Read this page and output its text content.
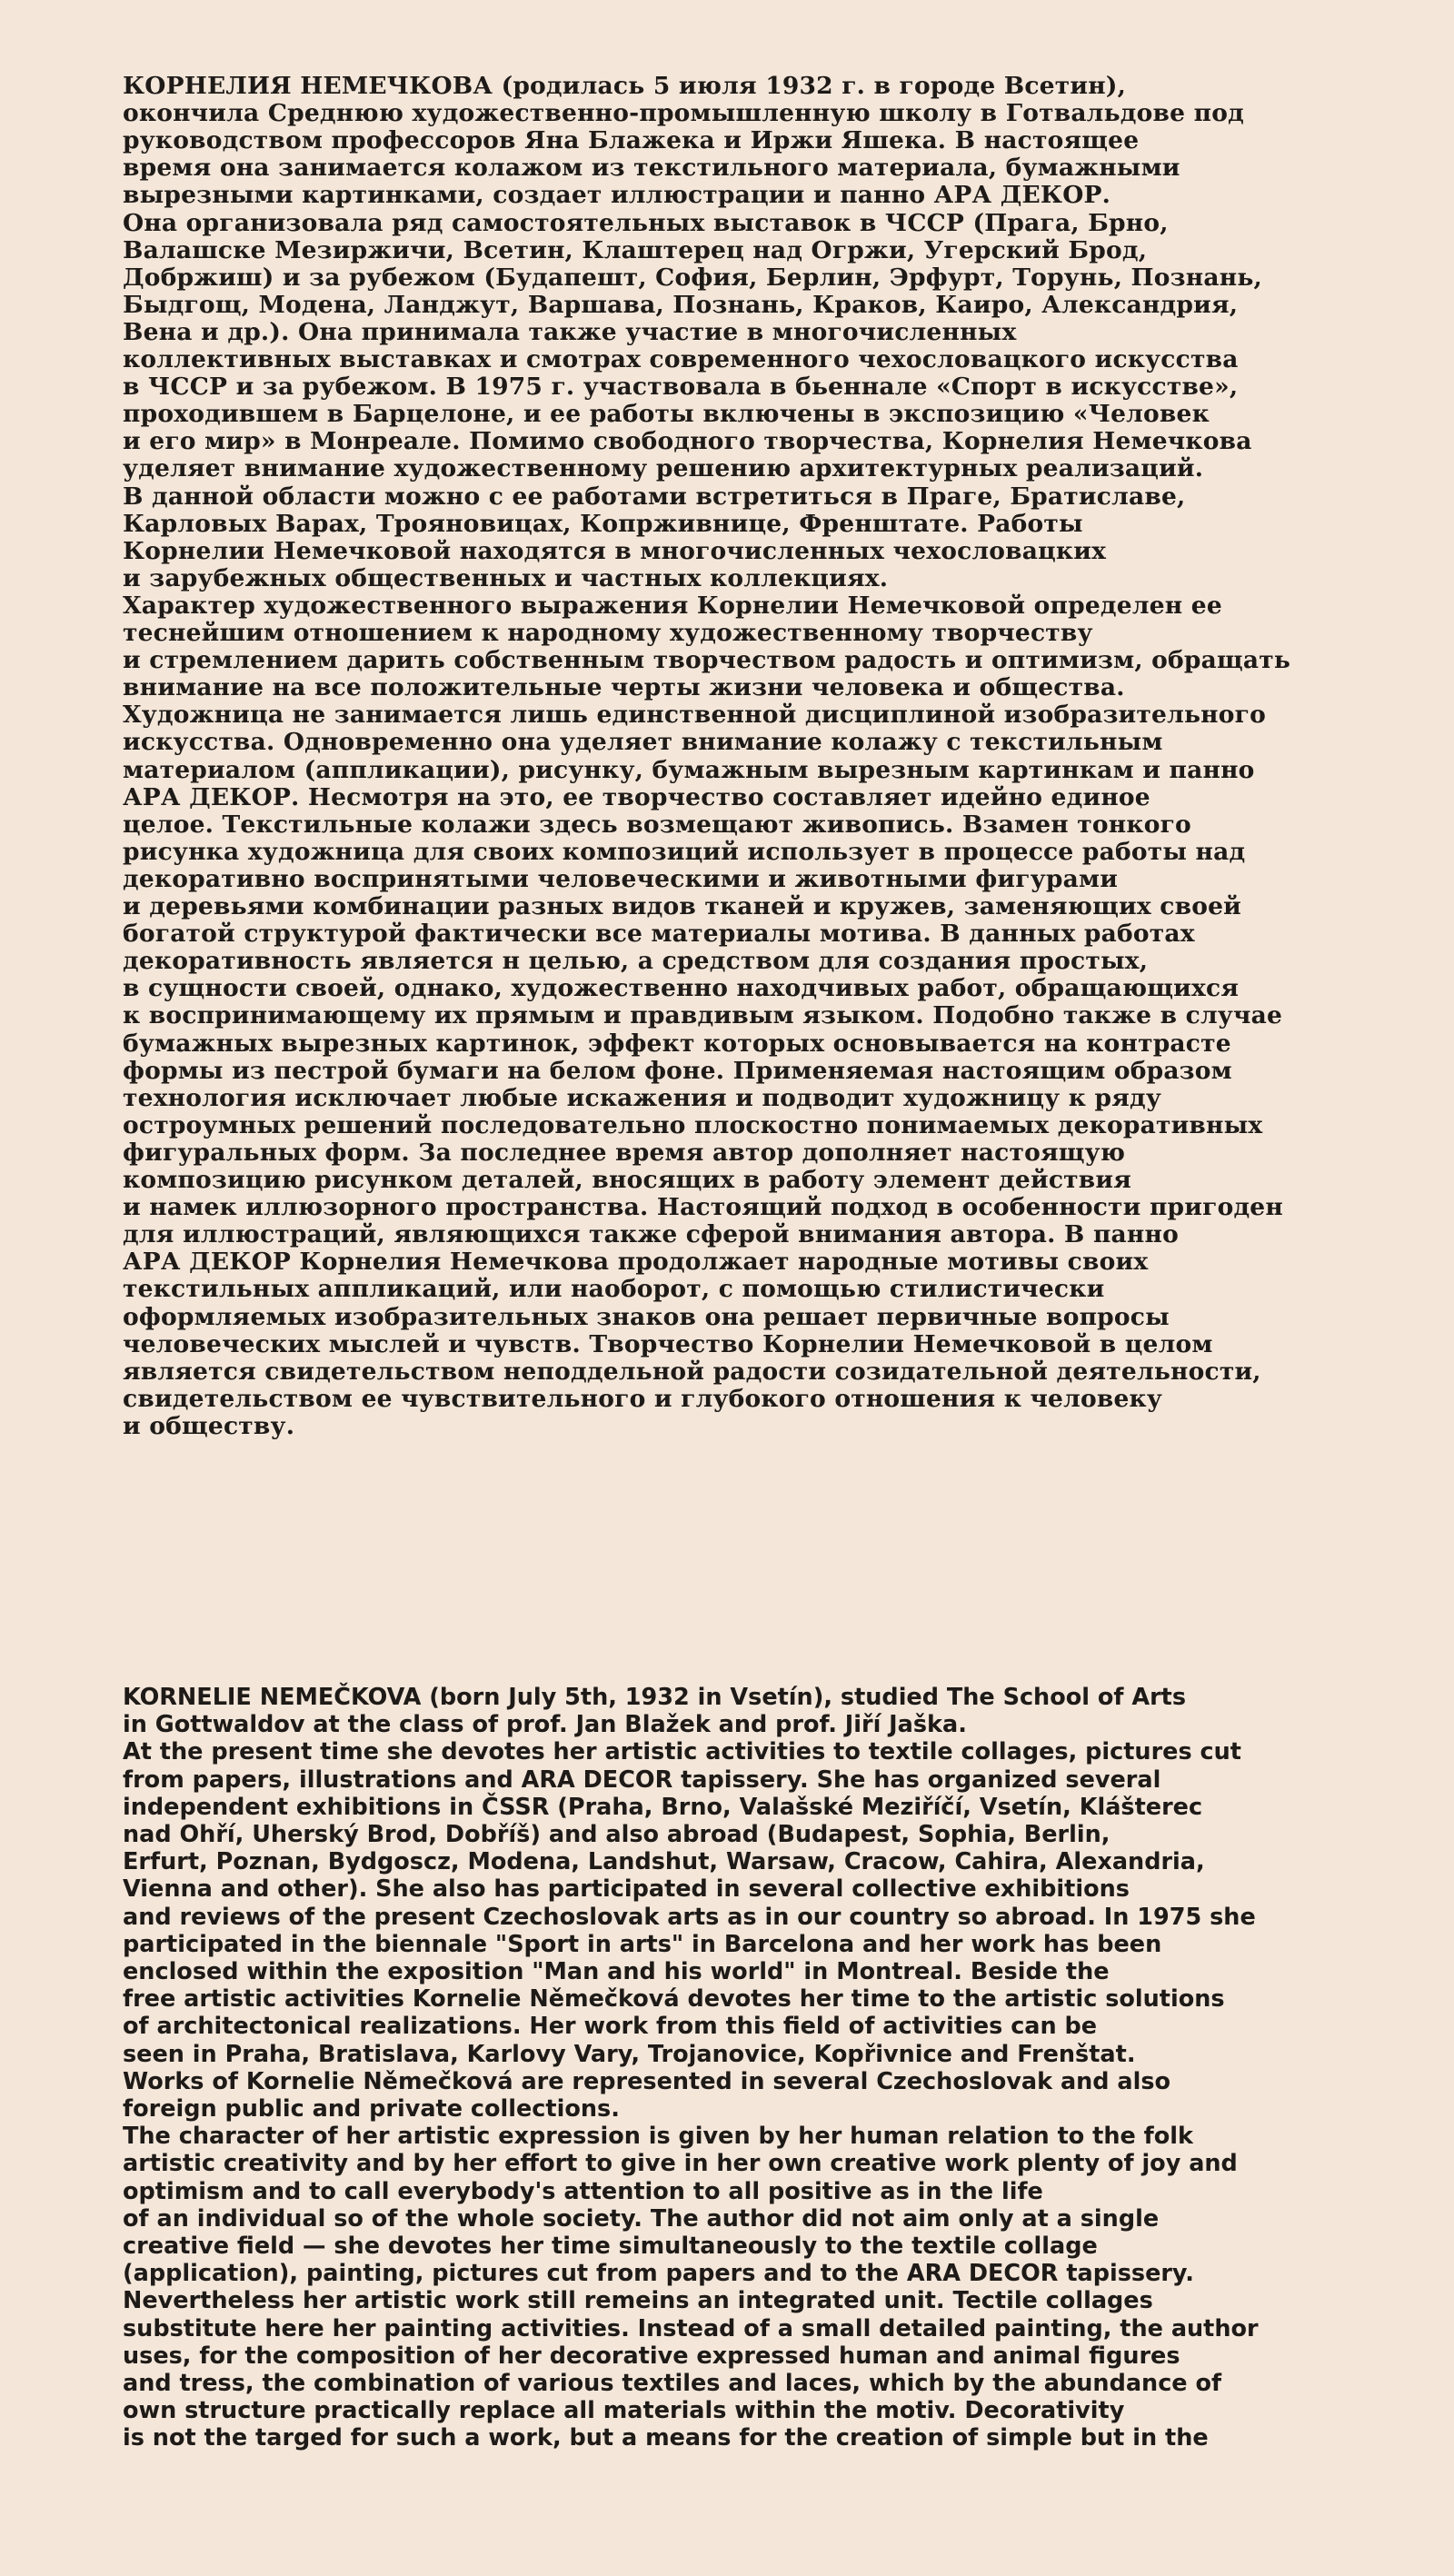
КОРНЕЛИЯ НЕМЕЧКОВА (родилась 5 июля 1932 г. в городе Всетин),
окончила Среднюю художественно-промышленную школу в Готвальдове под
руководством профессоров Яна Блажека и Иржи Яшека. В настоящее
время она занимается колажом из текстильного материала, бумажными
вырезными картинками, создает иллюстрации и панно АРА ДЕКОР.
Она организовала ряд самостоятельных выставок в ЧССР (Прага, Брно,
Валашске Мезиржичи, Всетин, Клаштерец над Огржи, Угерский Брод,
Добржиш) и за рубежом (Будапешт, София, Берлин, Эрфурт, Торунь, Познань,
Быдгощ, Модена, Ланджут, Варшава, Познань, Краков, Каиро, Александрия,
Вена и др.). Она принимала также участие в многочисленных
коллективных выставках и смотрах современного чехословацкого искусства
в ЧССР и за рубежом. В 1975 г. участвовала в бьеннале «Спорт в искусстве»,
проходившем в Барцелоне, и ее работы включены в экспозицию «Человек
и его мир» в Монреале. Помимо свободного творчества, Корнелия Немечкова
уделяет внимание художественному решению архитектурных реализаций.
В данной области можно с ее работами встретиться в Праге, Братиславе,
Карловых Варах, Трояновицах, Копрживнице, Френштате. Работы
Корнелии Немечковой находятся в многочисленных чехословацких
и зарубежных общественных и частных коллекциях.
Характер художественного выражения Корнелии Немечковой определен ее
теснейшим отношением к народному художественному творчеству
и стремлением дарить собственным творчеством радость и оптимизм, обращать
внимание на все положительные черты жизни человека и общества.
Художница не занимается лишь единственной дисциплиной изобразительного
искусства. Одновременно она уделяет внимание колажу с текстильным
материалом (аппликации), рисунку, бумажным вырезным картинкам и панно
АРА ДЕКОР. Несмотря на это, ее творчество составляет идейно единое
целое. Текстильные колажи здесь возмещают живопись. Взамен тонкого
рисунка художница для своих композиций использует в процессе работы над
декоративно воспринятыми человеческими и животными фигурами
и деревьями комбинации разных видов тканей и кружев, заменяющих своей
богатой структурой фактически все материалы мотива. В данных работах
декоративность является н целью, а средством для создания простых,
в сущности своей, однако, художественно находчивых работ, обращающихся
к воспринимающему их прямым и правдивым языком. Подобно также в случае
бумажных вырезных картинок, эффект которых основывается на контрасте
формы из пестрой бумаги на белом фоне. Применяемая настоящим образом
технология исключает любые искажения и подводит художницу к ряду
остроумных решений последовательно плоскостно понимаемых декоративных
фигуральных форм. За последнее время автор дополняет настоящую
композицию рисунком деталей, вносящих в работу элемент действия
и намек иллюзорного пространства. Настоящий подход в особенности пригоден
для иллюстраций, являющихся также сферой внимания автора. В панно
АРА ДЕКОР Корнелия Немечкова продолжает народные мотивы своих
текстильных аппликаций, или наоборот, с помощью стилистически
оформляемых изобразительных знаков она решает первичные вопросы
человеческих мыслей и чувств. Творчество Корнелии Немечковой в целом
является свидетельством неподдельной радости созидательной деятельности,
свидетельством ее чувствительного и глубокого отношения к человеку
и обществу.
KORNELIE NEMEČKOVA (born July 5th, 1932 in Vsetín), studied The School of Arts
in Gottwaldov at the class of prof. Jan Blažek and prof. Jiří Jaška.
At the present time she devotes her artistic activities to textile collages, pictures cut
from papers, illustrations and ARA DECOR tapissery. She has organized several
independent exhibitions in ČSSR (Praha, Brno, Valašské Meziříčí, Vsetín, Klášterec
nad Ohří, Uherský Brod, Dobříš) and also abroad (Budapest, Sophia, Berlin,
Erfurt, Poznan, Bydgoscz, Modena, Landshut, Warsaw, Cracow, Cahira, Alexandria,
Vienna and other). She also has participated in several collective exhibitions
and reviews of the present Czechoslovak arts as in our country so abroad. In 1975 she
participated in the biennale "Sport in arts" in Barcelona and her work has been
enclosed within the exposition "Man and his world" in Montreal. Beside the
free artistic activities Kornelie Němečková devotes her time to the artistic solutions
of architectonical realizations. Her work from this field of activities can be
seen in Praha, Bratislava, Karlovy Vary, Trojanovice, Kopřivnice and Frenštat.
Works of Kornelie Němečková are represented in several Czechoslovak and also
foreign public and private collections.
The character of her artistic expression is given by her human relation to the folk
artistic creativity and by her effort to give in her own creative work plenty of joy and
optimism and to call everybody's attention to all positive as in the life
of an individual so of the whole society. The author did not aim only at a single
creative field — she devotes her time simultaneously to the textile collage
(application), painting, pictures cut from papers and to the ARA DECOR tapissery.
Nevertheless her artistic work still remeins an integrated unit. Tectile collages
substitute here her painting activities. Instead of a small detailed painting, the author
uses, for the composition of her decorative expressed human and animal figures
and tress, the combination of various textiles and laces, which by the abundance of
own structure practically replace all materials within the motiv. Decorativity
is not the targed for such a work, but a means for the creation of simple but in the
